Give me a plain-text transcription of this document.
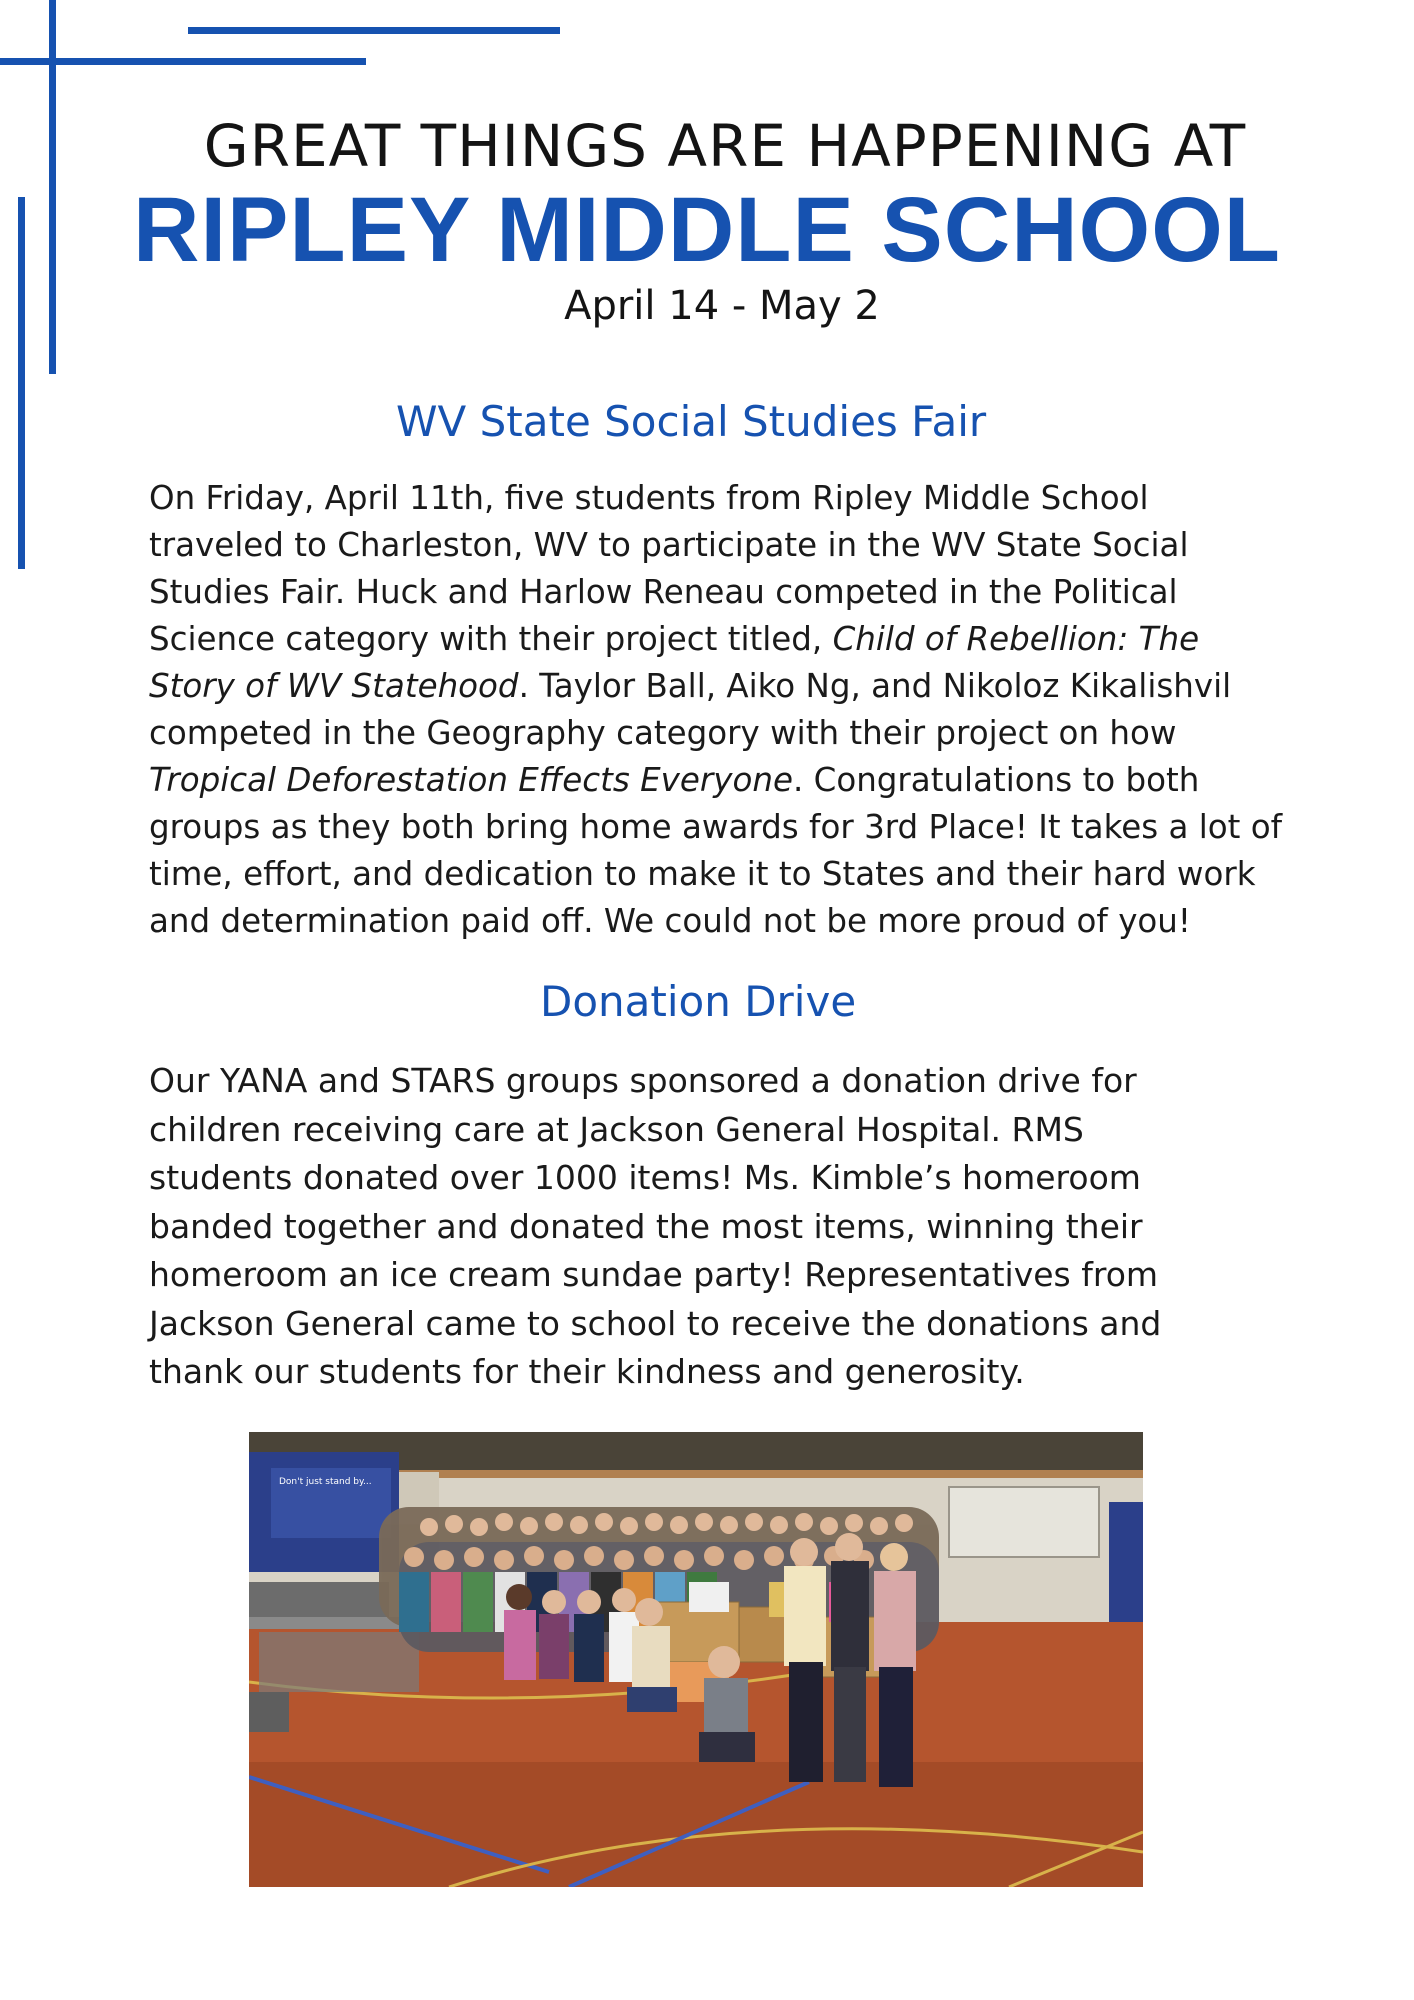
GREAT THINGS ARE HAPPENING AT
RIPLEY MIDDLE SCHOOL
April 14 - May 2
WV State Social Studies Fair

On Friday, April 11th, five students from Ripley Middle School
traveled to Charleston, WV to participate in the WV State Social
Studies Fair. Huck and Harlow Reneau competed in the Political
Science category with their project titled, Child of Rebellion: The
Story of WV Statehood. Taylor Ball, Aiko Ng, and Nikoloz Kikalishvil
competed in the Geography category with their project on how
Tropical Deforestation Effects Everyone. Congratulations to both
groups as they both bring home awards for 3rd Place! It takes a lot of
time, effort, and dedication to make it to States and their hard work
and determination paid off. We could not be more proud of you!

Donation Drive

Our YANA and STARS groups sponsored a donation drive for
children receiving care at Jackson General Hospital. RMS
students donated over 1000 items! Ms. Kimble’s homeroom
banded together and donated the most items, winning their
homeroom an ice cream sundae party! Representatives from
Jackson General came to school to receive the donations and
thank our students for their kindness and generosity.

Don't just stand by...
